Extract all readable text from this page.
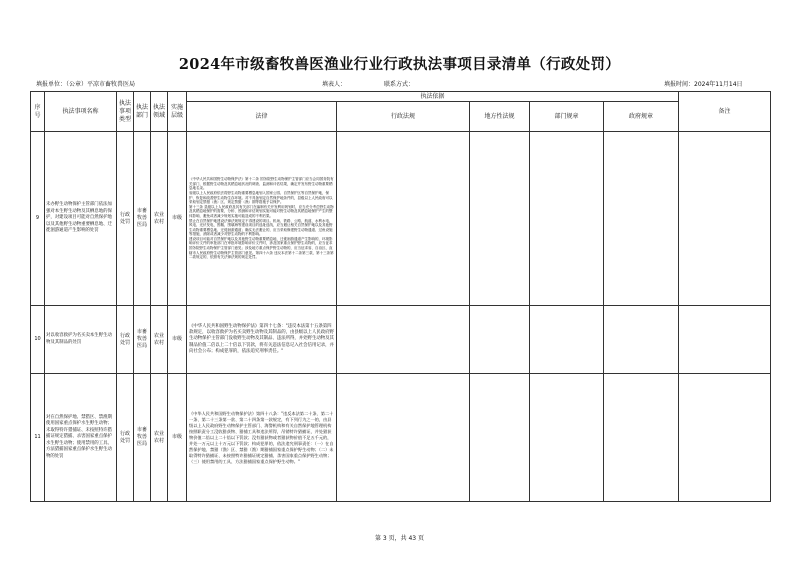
2024年市级畜牧兽医渔业行业行政执法事项目录清单（行政处罚）
填报单位：（公章）平凉市畜牧兽医局	填表人：	联系方式：	填报时间：2024年11月14日
序号	执法事项名称	执法事项类型	执法部门	执法领域	实施层级	执法依据					备注
						法律	行政法规	地方性法规	部门规章	政府规章	
9	未办野生动物保护主管部门依法加强对本生野生动物及其栖息地的保护，对建设项目可能对自然保护地以及其他野生动物重要栖息地、迁徙洄游通道产生影响的处罚	行政处罚	市畜牧兽医局	农业农村	市级	《中华人民共和国野生动物保护法》第十二条 国务院野生动物保护主管部门应当会同国务院有关部门，根据野生动物及其栖息地状况的调查、监测和评估结果，确定并发布野生动物重要栖息地名录。
省级以上人民政府依法将野生动物重要栖息地划入国家公园、自然保护区等自然保护地，保护、恢复和改善野生动物生存环境。对不具备划定自然保护地条件的，县级以上人民政府可以采取划定禁猎（渔）区、规定禁猎（渔）期等措施予以保护。
第十三条 县级以上人民政府及其有关部门在编制有关开发利用规划时，应当充分考虑野生动物及其栖息地保护的需要，分析、预测和评估规划实施可能对野生动物及其栖息地保护产生的整体影响，避免或者减少规划实施可能造成的不利后果。
禁止在自然保护地建设法律法规规定不得建设的项目。机场、铁路、公路、航道、水利水电、风电、光伏发电、围堰、围填海等建设项目的选址选线，应当避让相关自然保护地以及其他野生动物重要栖息地、迁徙洄游通道；确实无法避让的，应当采取修建野生动物通道、过鱼设施等措施，消除或者减少对野生动物的不利影响。
建设项目可能对自然保护地以及其他野生动物重要栖息地、迁徙洄游通道产生影响的，环境影响评价文件的审批部门在审批环境影响评价文件时，涉及国家重点保护野生动物的，应当征求国务院野生动物保护主管部门意见；涉及地方重点保护野生动物的，应当征求省、自治区、直辖市人民政府野生动物保护主管部门意见。第四十六条 违反本法第十二条第三款、第十三条第二款规定的，依照有关法律法规的规定处罚。					
10	对以收容救护为名买卖本生野生动物及其制品的处罚	行政处罚	市畜牧兽医局	农业农村	市级	《中华人民共和国野生动物保护法》第四十七条："违反本法第十五条第四款规定，以收容救护为名买卖野生动物及其制品的，由县级以上人民政府野生动物保护主管部门没收野生动物及其制品、违法所得，并处野生动物及其制品价值二倍以上二十倍以下罚款，将有关违法信息记入社会信用记录，并向社会公布；构成犯罪的，依法追究刑事责任。"					
11	对在自然保护地、禁猎区、禁渔期使用国家重点保护水生野生动物；未取得特许猎捕证、未按照特许猎捕证规定猎捕、杀害国家重点保护水生野生动物；使用禁用的工具、方法猎捕国家重点保护水生野生动物的处罚	行政处罚	市畜牧兽医局	农业农村	市级	《中华人民共和国野生动物保护法》第四十八条："违反本法第二十条、第二十一条、第二十三条第一款、第二十四条第一款规定，有下列行为之一的，由县级以上人民政府野生动物保护主管部门、海警机构和有关自然保护地管理机构按照职责分工没收猎获物、猎捕工具和违法所得，吊销特许猎捕证，并处猎获物价值二倍以上二十倍以下罚款；没有猎获物或者猎获物价值不足五千元的，并处一万元以上十万元以下罚款；构成犯罪的，依法追究刑事责任：（一）在自然保护地、禁猎（渔）区、禁猎（渔）期猎捕国家重点保护野生动物；（二）未取得特许猎捕证、未按照特许猎捕证规定猎捕、杀害国家重点保护野生动物；（三）使用禁用的工具、方法猎捕国家重点保护野生动物。"					
第 3 页，共 43 页
